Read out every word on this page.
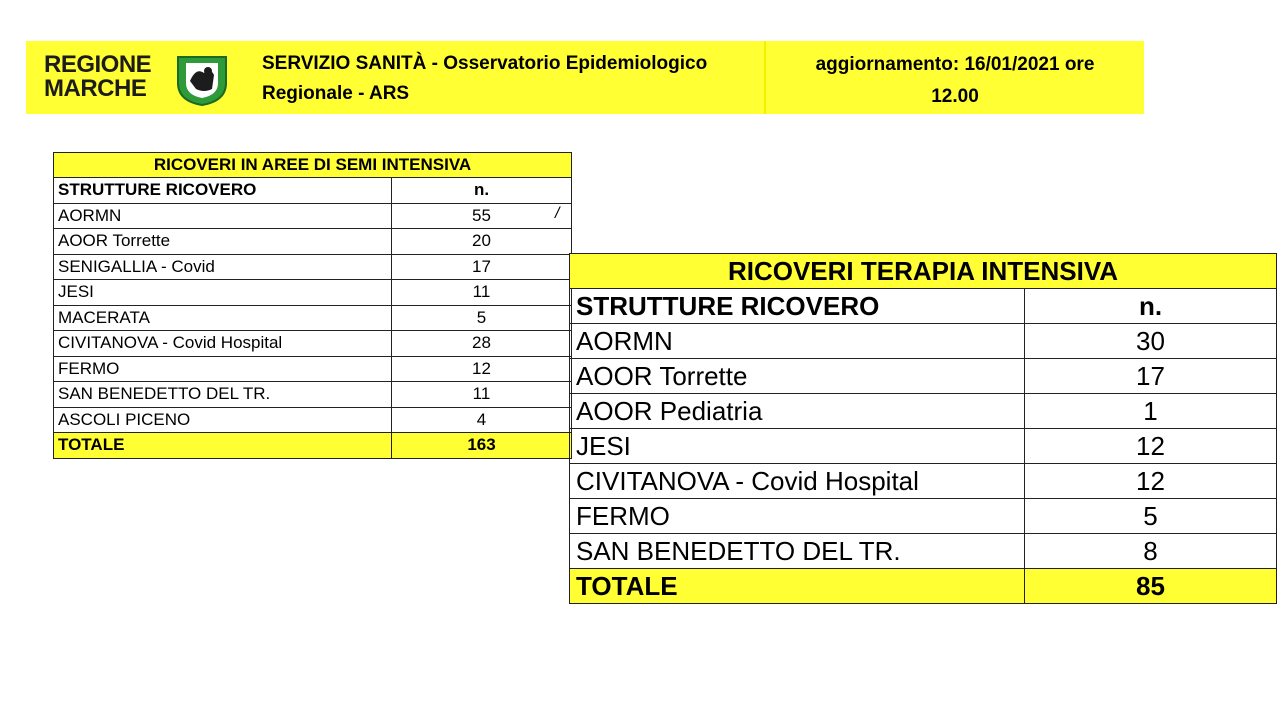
REGIONE
MARCHE
SERVIZIO SANITÀ - Osservatorio Epidemiologico
Regionale - ARS
aggiornamento: 16/01/2021 ore
12.00
RICOVERI IN AREE DI SEMI INTENSIVA	
STRUTTURE RICOVERO	n.
AORMN	55
AOOR Torrette	20
SENIGALLIA - Covid	17
JESI	11
MACERATA	5
CIVITANOVA - Covid Hospital	28
FERMO	12
SAN BENEDETTO DEL TR.	11
ASCOLI PICENO	4
TOTALE	163
/
RICOVERI TERAPIA INTENSIVA	
STRUTTURE RICOVERO	n.
AORMN	30
AOOR Torrette	17
AOOR Pediatria	1
JESI	12
CIVITANOVA - Covid Hospital	12
FERMO	5
SAN BENEDETTO DEL TR.	8
TOTALE	85
